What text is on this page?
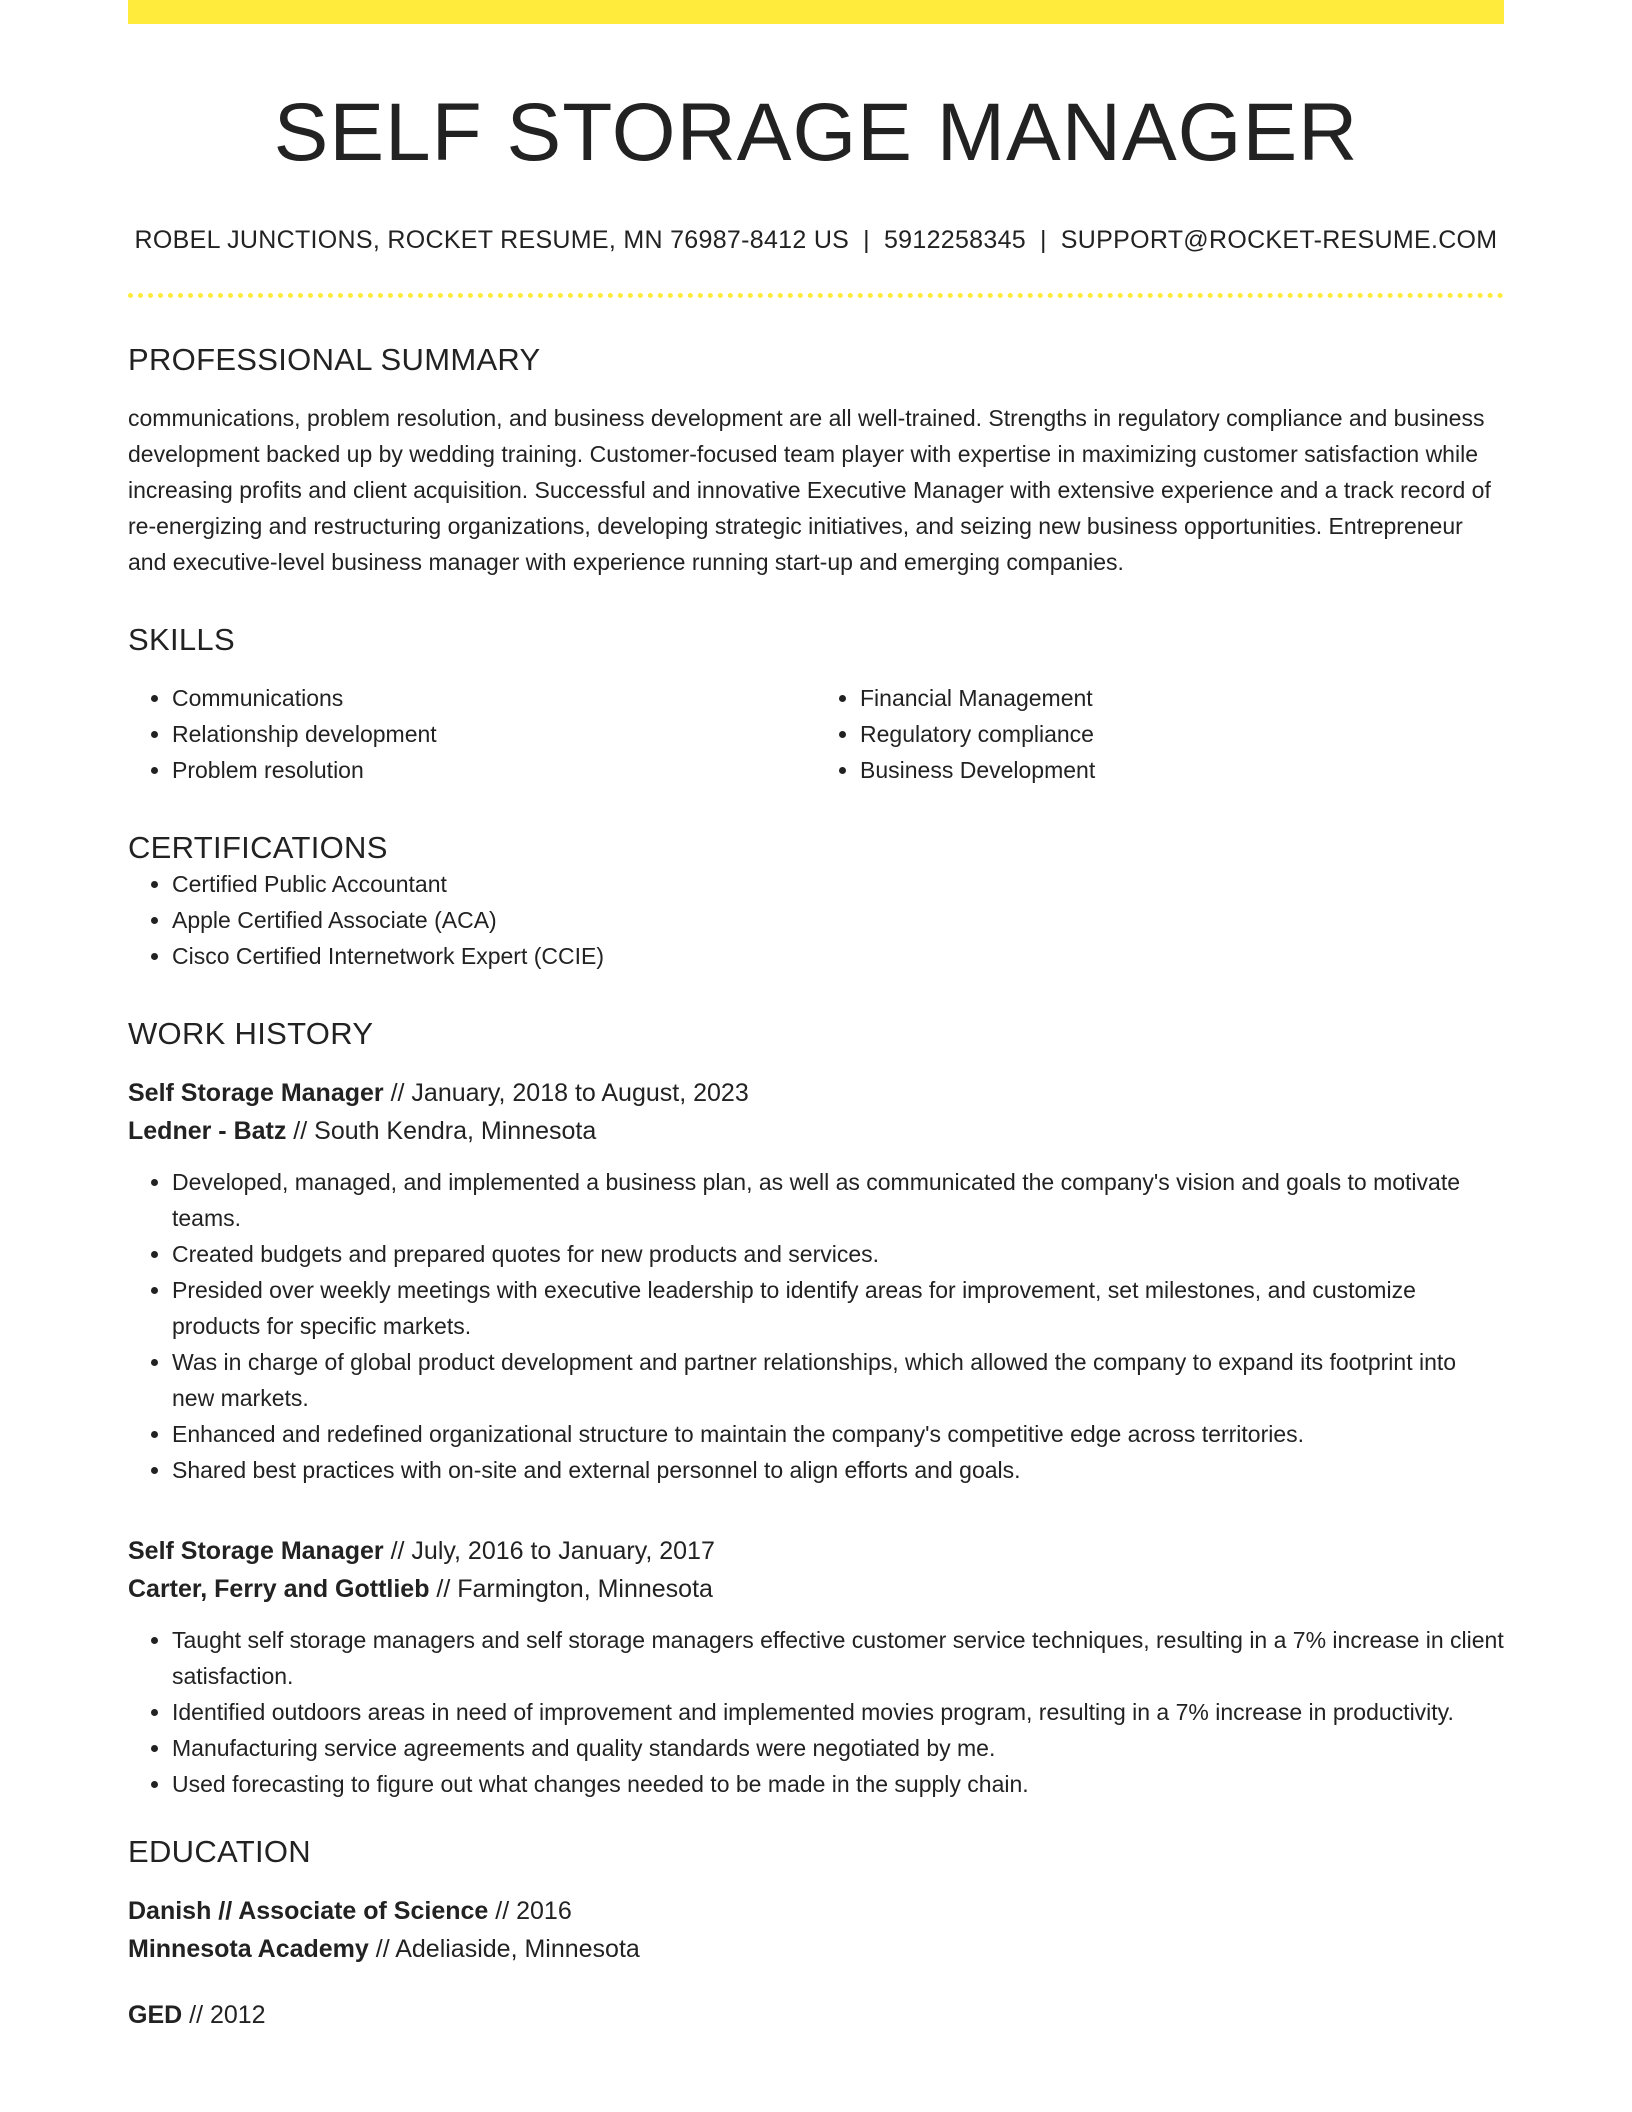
SELF STORAGE MANAGER
ROBEL JUNCTIONS, ROCKET RESUME, MN 76987-8412 US | 5912258345 | SUPPORT@ROCKET-RESUME.COM
PROFESSIONAL SUMMARY
communications, problem resolution, and business development are all well-trained. Strengths in regulatory compliance and business development backed up by wedding training. Customer-focused team player with expertise in maximizing customer satisfaction while increasing profits and client acquisition. Successful and innovative Executive Manager with extensive experience and a track record of re-energizing and restructuring organizations, developing strategic initiatives, and seizing new business opportunities. Entrepreneur and executive-level business manager with experience running start-up and emerging companies.
SKILLS
• Communications
• Relationship development
• Problem resolution
• Financial Management
• Regulatory compliance
• Business Development
CERTIFICATIONS
• Certified Public Accountant
• Apple Certified Associate (ACA)
• Cisco Certified Internetwork Expert (CCIE)
WORK HISTORY
Self Storage Manager // January, 2018 to August, 2023
Ledner - Batz // South Kendra, Minnesota
• Developed, managed, and implemented a business plan, as well as communicated the company's vision and goals to motivate teams.
• Created budgets and prepared quotes for new products and services.
• Presided over weekly meetings with executive leadership to identify areas for improvement, set milestones, and customize products for specific markets.
• Was in charge of global product development and partner relationships, which allowed the company to expand its footprint into new markets.
• Enhanced and redefined organizational structure to maintain the company's competitive edge across territories.
• Shared best practices with on-site and external personnel to align efforts and goals.
Self Storage Manager // July, 2016 to January, 2017
Carter, Ferry and Gottlieb // Farmington, Minnesota
• Taught self storage managers and self storage managers effective customer service techniques, resulting in a 7% increase in client satisfaction.
• Identified outdoors areas in need of improvement and implemented movies program, resulting in a 7% increase in productivity.
• Manufacturing service agreements and quality standards were negotiated by me.
• Used forecasting to figure out what changes needed to be made in the supply chain.
EDUCATION
Danish // Associate of Science // 2016
Minnesota Academy // Adeliaside, Minnesota
GED // 2012
